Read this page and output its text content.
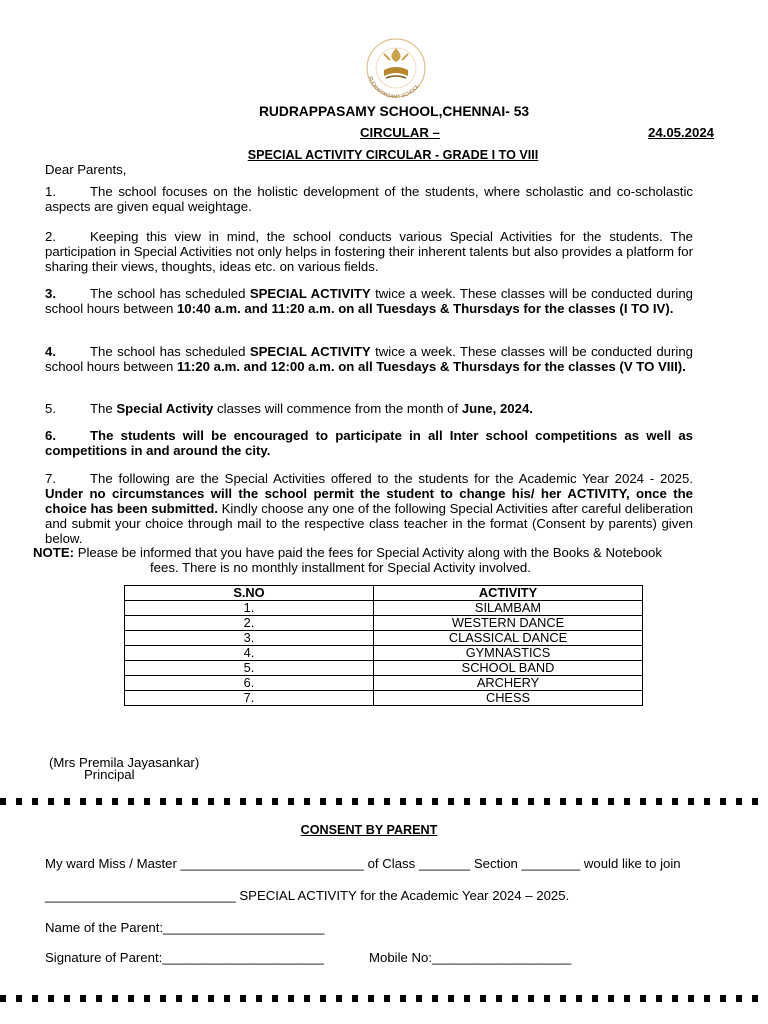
RUDRAPPASAMY SCHOOL
RUDRAPPASAMY SCHOOL,CHENNAI- 53
CIRCULAR –	24.05.2024
SPECIAL ACTIVITY CIRCULAR - GRADE I TO VIII
Dear Parents,
1.	The school focuses on the holistic development of the students, where scholastic and co-scholastic aspects are given equal weightage.
2.	Keeping this view in mind, the school conducts various Special Activities for the students. The participation in Special Activities not only helps in fostering their inherent talents but also provides a platform for sharing their views, thoughts, ideas etc. on various fields.
3.	The school has scheduled SPECIAL ACTIVITY twice a week. These classes will be conducted during school hours between 10:40 a.m. and 11:20 a.m. on all Tuesdays & Thursdays for the classes (I TO IV).
4.	The school has scheduled SPECIAL ACTIVITY twice a week. These classes will be conducted during school hours between 11:20 a.m. and 12:00 a.m. on all Tuesdays & Thursdays for the classes (V TO VIII).
5.	The Special Activity classes will commence from the month of June, 2024.
6.	The students will be encouraged to participate in all Inter school competitions as well as competitions in and around the city.
7.	The following are the Special Activities offered to the students for the Academic Year 2024 - 2025. Under no circumstances will the school permit the student to change his/ her ACTIVITY, once the choice has been submitted. Kindly choose any one of the following Special Activities after careful deliberation and submit your choice through mail to the respective class teacher in the format (Consent by parents) given below.
NOTE: Please be informed that you have paid the fees for Special Activity along with the Books & Notebook
fees. There is no monthly installment for Special Activity involved.
S.NO	ACTIVITY
1.	SILAMBAM
2.	WESTERN DANCE
3.	CLASSICAL DANCE
4.	GYMNASTICS
5.	SCHOOL BAND
6.	ARCHERY
7.	CHESS
(Mrs Premila Jayasankar)
Principal
CONSENT BY PARENT
My ward Miss / Master _________________________ of Class _______ Section ________ would like to join
__________________________ SPECIAL ACTIVITY for the Academic Year 2024 – 2025.
Name of the Parent:______________________
Signature of Parent:______________________	Mobile No:___________________
